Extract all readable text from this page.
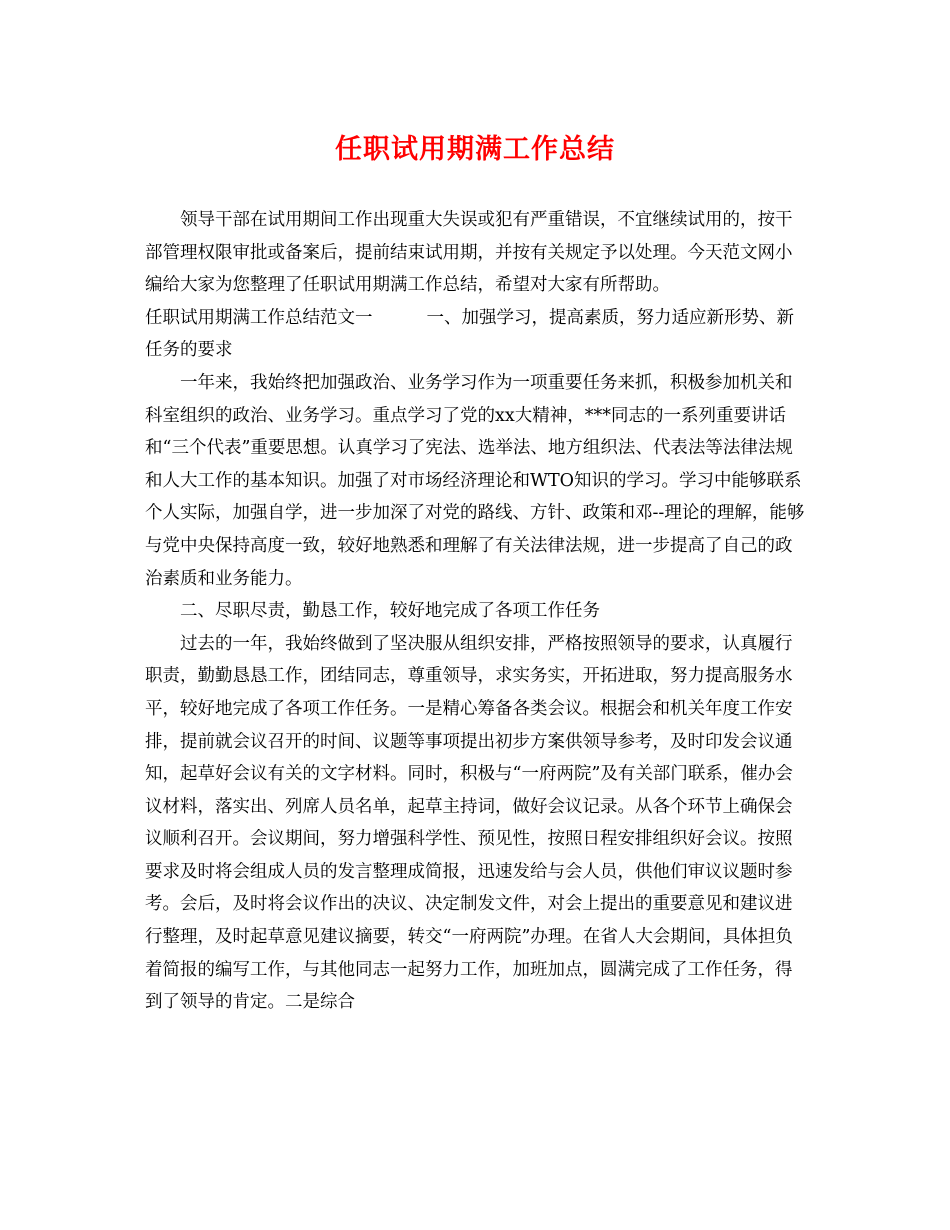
任职试用期满工作总结

领导干部在试用期间工作出现重大失误或犯有严重错误，不宜继续试用的，按干部管理权限审批或备案后，提前结束试用期，并按有关规定予以处理。今天范文网小编给大家为您整理了任职试用期满工作总结，希望对大家有所帮助。

任职试用期满工作总结范文一	一、加强学习，提高素质，努力适应新形势、新任务的要求

一年来，我始终把加强政治、业务学习作为一项重要任务来抓，积极参加机关和科室组织的政治、业务学习。重点学习了党的xx大精神，***同志的一系列重要讲话和“三个代表”重要思想。认真学习了宪法、选举法、地方组织法、代表法等法律法规和人大工作的基本知识。加强了对市场经济理论和WTO知识的学习。学习中能够联系个人实际，加强自学，进一步加深了对党的路线、方针、政策和邓--理论的理解，能够与党中央保持高度一致，较好地熟悉和理解了有关法律法规，进一步提高了自己的政治素质和业务能力。

二、尽职尽责，勤恳工作，较好地完成了各项工作任务

过去的一年，我始终做到了坚决服从组织安排，严格按照领导的要求，认真履行职责，勤勤恳恳工作，团结同志，尊重领导，求实务实，开拓进取，努力提高服务水平，较好地完成了各项工作任务。一是精心筹备各类会议。根据会和机关年度工作安排，提前就会议召开的时间、议题等事项提出初步方案供领导参考，及时印发会议通知，起草好会议有关的文字材料。同时，积极与“一府两院”及有关部门联系，催办会议材料，落实出、列席人员名单，起草主持词，做好会议记录。从各个环节上确保会议顺利召开。会议期间，努力增强科学性、预见性，按照日程安排组织好会议。按照要求及时将会组成人员的发言整理成简报，迅速发给与会人员，供他们审议议题时参考。会后，及时将会议作出的决议、决定制发文件，对会上提出的重要意见和建议进行整理，及时起草意见建议摘要，转交“一府两院”办理。在省人大会期间，具体担负着简报的编写工作，与其他同志一起努力工作，加班加点，圆满完成了工作任务，得到了领导的肯定。二是综合
